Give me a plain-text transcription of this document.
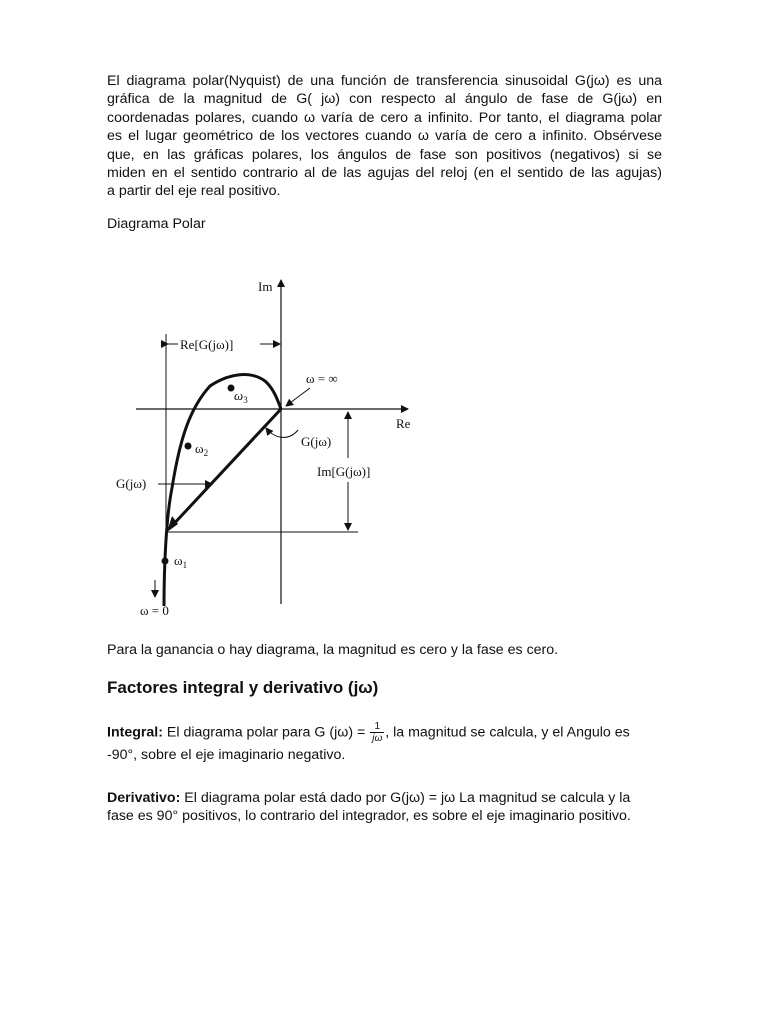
El diagrama polar(Nyquist) de una función de transferencia sinusoidal G(jω) es una
gráfica de la magnitud de G( jω) con respecto al ángulo de fase de G(jω) en
coordenadas polares, cuando ω varía de cero a infinito. Por tanto, el diagrama polar
es el lugar geométrico de los vectores cuando ω varía de cero a infinito. Obsérvese
que, en las gráficas polares, los ángulos de fase son positivos (negativos) si se
miden en el sentido contrario al de las agujas del reloj (en el sentido de las agujas)
a partir del eje real positivo.
Diagrama Polar
Im
Re
Re[G(jω)]
Im[G(jω)]
$\omega_3$
$\omega_2$
$\omega_1$
ω = ∞
G(jω)
G(jω)
ω = 0
Para la ganancia o hay diagrama, la magnitud es cero y la fase es cero.
Factores integral y derivativo (jω)
Integral: El diagrama polar para G $(j\omega) = \frac{1}{j\omega}$ , la magnitud se calcula, y el Angulo es
-90°, sobre el eje imaginario negativo.
Derivativo: El diagrama polar está dado por G(jω) = jω La magnitud se calcula y la
fase es 90° positivos, lo contrario del integrador, es sobre el eje imaginario positivo.
